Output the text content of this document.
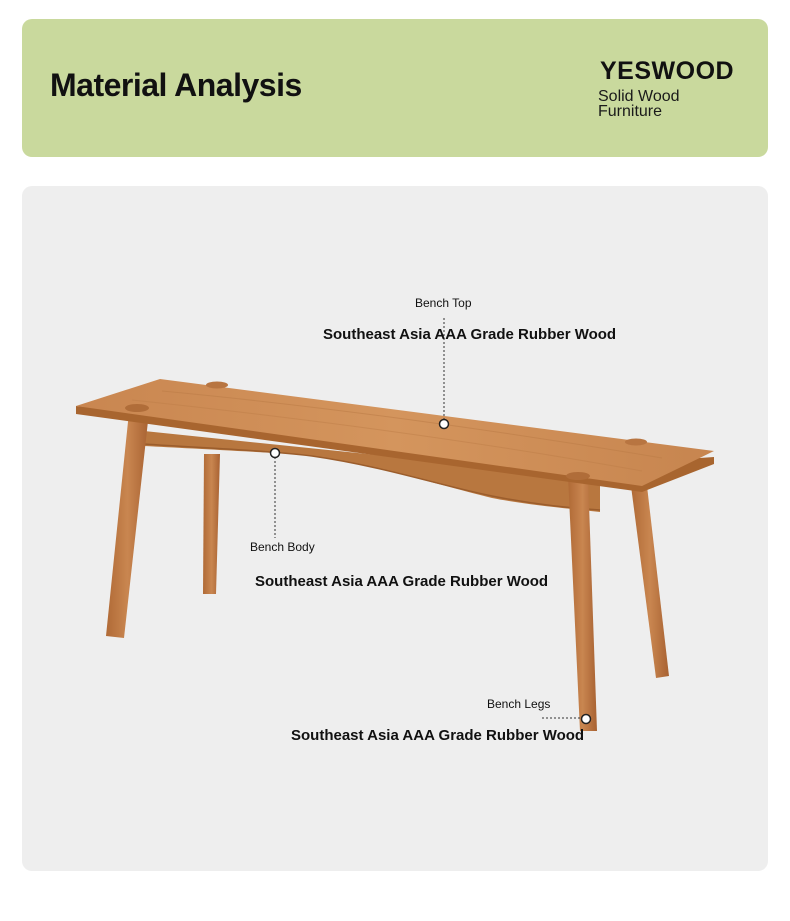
Material Analysis	YESWOOD
Solid Wood Furniture
Bench Top
Southeast Asia AAA Grade Rubber Wood
Bench Body
Southeast Asia AAA Grade Rubber Wood
Bench Legs
Southeast Asia AAA Grade Rubber Wood
